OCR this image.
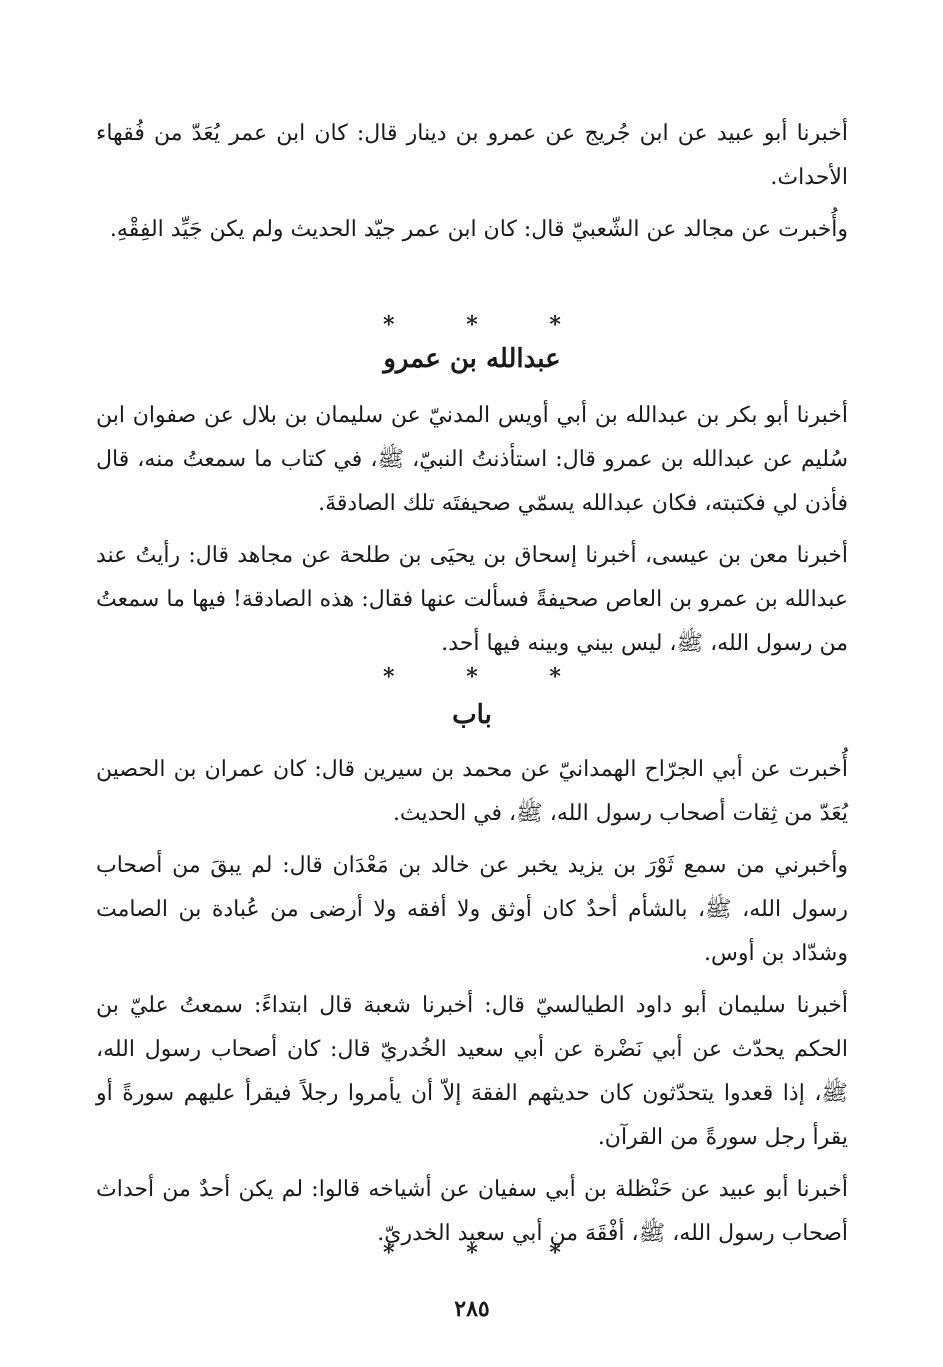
أخبرنا أبو عبيد عن ابن جُريج عن عمرو بن دينار قال: كان ابن عمر يُعَدّ من فُقهاء الأحداث.

وأُخبرت عن مجالد عن الشّعبيّ قال: كان ابن عمر جيّد الحديث ولم يكن جَيِّد الفِقْهِ.

*	*	*
عبدالله بن عمرو

أخبرنا أبو بكر بن عبدالله بن أبي أويس المدنيّ عن سليمان بن بلال عن صفوان ابن سُليم عن عبدالله بن عمرو قال: استأذنتُ النبيّ، ﷺ، في كتاب ما سمعتُ منه، قال فأذن لي فكتبته، فكان عبدالله يسمّي صحيفتَه تلك الصادقةَ.

أخبرنا معن بن عيسى، أخبرنا إسحاق بن يحيَى بن طلحة عن مجاهد قال: رأيتُ عند عبدالله بن عمرو بن العاص صحيفةً فسألت عنها فقال: هذه الصادقة! فيها ما سمعتُ من رسول الله، ﷺ، ليس بيني وبينه فيها أحد.

*	*	*
باب

أُخبرت عن أبي الجرّاح الهمدانيّ عن محمد بن سيرين قال: كان عمران بن الحصين يُعَدّ من ثِقات أصحاب رسول الله، ﷺ، في الحديث.

وأخبرني من سمع ثَوْرَ بن يزيد يخبر عن خالد بن مَعْدَان قال: لم يبقَ من أصحاب رسول الله، ﷺ، بالشأم أحدٌ كان أوثق ولا أفقه ولا أرضى من عُبادة بن الصامت وشدّاد بن أوس.

أخبرنا سليمان أبو داود الطيالسيّ قال: أخبرنا شعبة قال ابتداءً: سمعتُ عليّ بن الحكم يحدّث عن أبي نَضْرة عن أبي سعيد الخُدريّ قال: كان أصحاب رسول الله، ﷺ، إذا قعدوا يتحدّثون كان حديثهم الفقهَ إلاّ أن يأمروا رجلاً فيقرأ عليهم سورةً أو يقرأ رجل سورةً من القرآن.

أخبرنا أبو عبيد عن حَنْظلة بن أبي سفيان عن أشياخه قالوا: لم يكن أحدٌ من أحداث أصحاب رسول الله، ﷺ، أفْقَهَ من أبي سعيد الخدريّ.

*	*	*
٢٨٥
